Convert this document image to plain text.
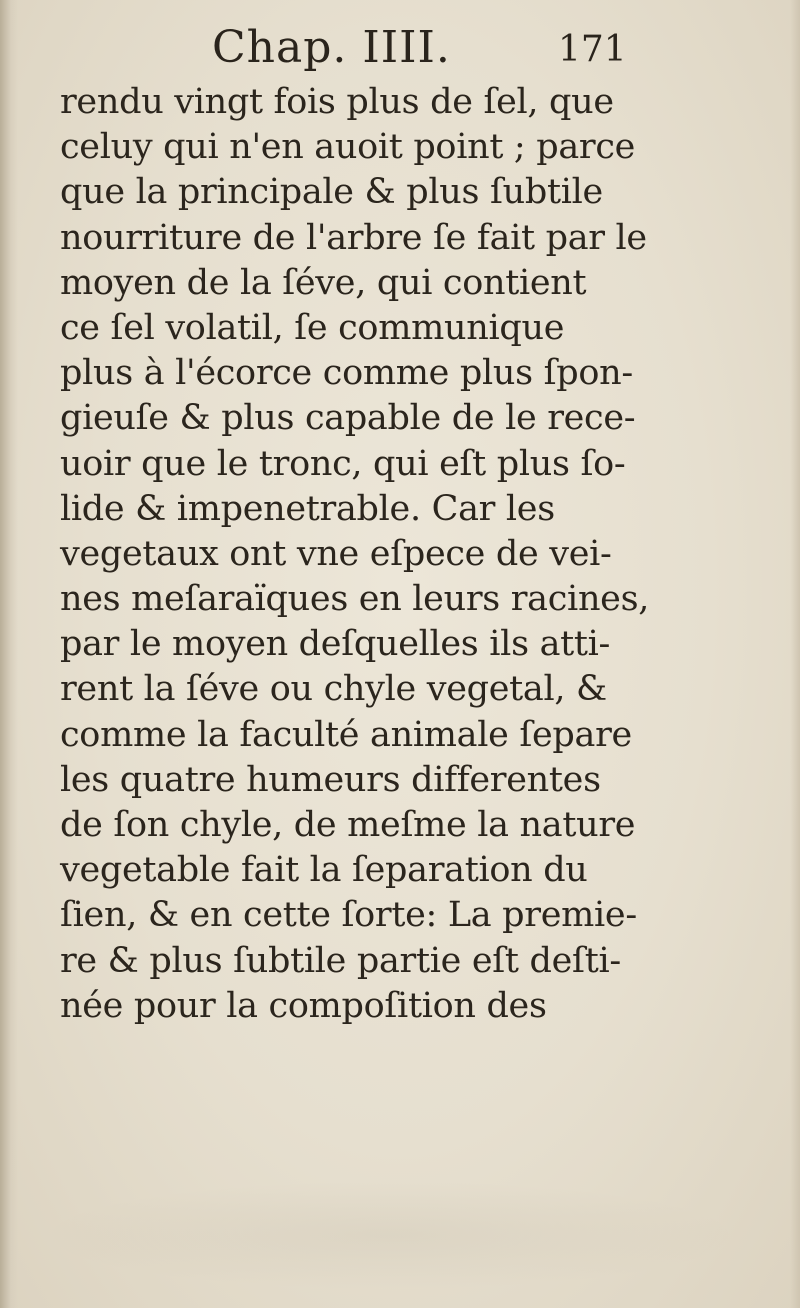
Chap. IIII.	171
rendu vingt fois plus de ſel, que
celuy qui n'en auoit point ; parce
que la principale & plus ſubtile
nourriture de l'arbre ſe fait par le
moyen de la ſéve, qui contient
ce ſel volatil, ſe communique
plus à l'écorce comme plus ſpon-
gieuſe & plus capable de le rece-
uoir que le tronc, qui eſt plus ſo-
lide & impenetrable. Car les
vegetaux ont vne eſpece de vei-
nes meſaraïques en leurs racines,
par le moyen deſquelles ils atti-
rent la ſéve ou chyle vegetal, &
comme la faculté animale ſepare
les quatre humeurs differentes
de ſon chyle, de meſme la nature
vegetable fait la ſeparation du
ſien, & en cette ſorte: La premie-
re & plus ſubtile partie eſt deſti-
née pour la compoſition des
